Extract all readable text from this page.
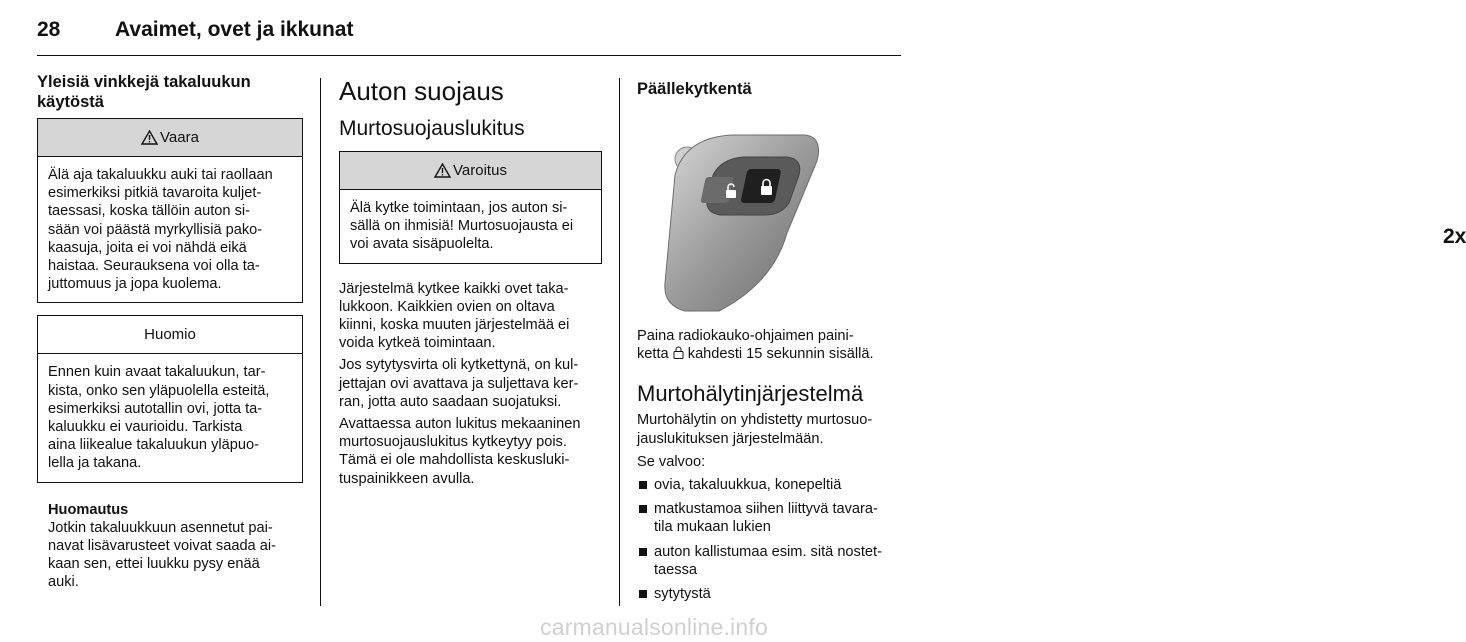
28	Avaimet, ovet ja ikkunat
Yleisiä vinkkejä takaluukun
käytöstä
Vaara
Älä aja takaluukku auki tai raollaan
esimerkiksi pitkiä tavaroita kuljet-
taessasi, koska tällöin auton si-
sään voi päästä myrkyllisiä pako-
kaasuja, joita ei voi nähdä eikä
haistaa. Seurauksena voi olla ta-
juttomuus ja jopa kuolema.
Huomio
Ennen kuin avaat takaluukun, tar-
kista, onko sen yläpuolella esteitä,
esimerkiksi autotallin ovi, jotta ta-
kaluukku ei vaurioidu. Tarkista
aina liikealue takaluukun yläpuo-
lella ja takana.
Huomautus
Jotkin takaluukkuun asennetut pai-
navat lisävarusteet voivat saada ai-
kaan sen, ettei luukku pysy enää
auki.
Auton suojaus
Murtosuojauslukitus
Varoitus
Älä kytke toimintaan, jos auton si-
sällä on ihmisiä! Murtosuojausta ei
voi avata sisäpuolelta.
Järjestelmä kytkee kaikki ovet taka-
lukkoon. Kaikkien ovien on oltava
kiinni, koska muuten järjestelmää ei
voida kytkeä toimintaan.
Jos sytytysvirta oli kytkettynä, on kul-
jettajan ovi avattava ja suljettava ker-
ran, jotta auto saadaan suojatuksi.
Avattaessa auton lukitus mekaaninen
murtosuojauslukitus kytkeytyy pois.
Tämä ei ole mahdollista keskusluki-
tuspainikkeen avulla.
Päällekytkentä
2x
Paina radiokauko-ohjaimen paini-
ketta kahdesti 15 sekunnin sisällä.
Murtohälytinjärjestelmä
Murtohälytin on yhdistetty murtosuo-
jauslukituksen järjestelmään.
Se valvoo:
ovia, takaluukkua, konepeltiä
matkustamoa siihen liittyvä tavara-
tila mukaan lukien
auton kallistumaa esim. sitä nostet-
taessa
sytytystä
carmanualsonline.info
